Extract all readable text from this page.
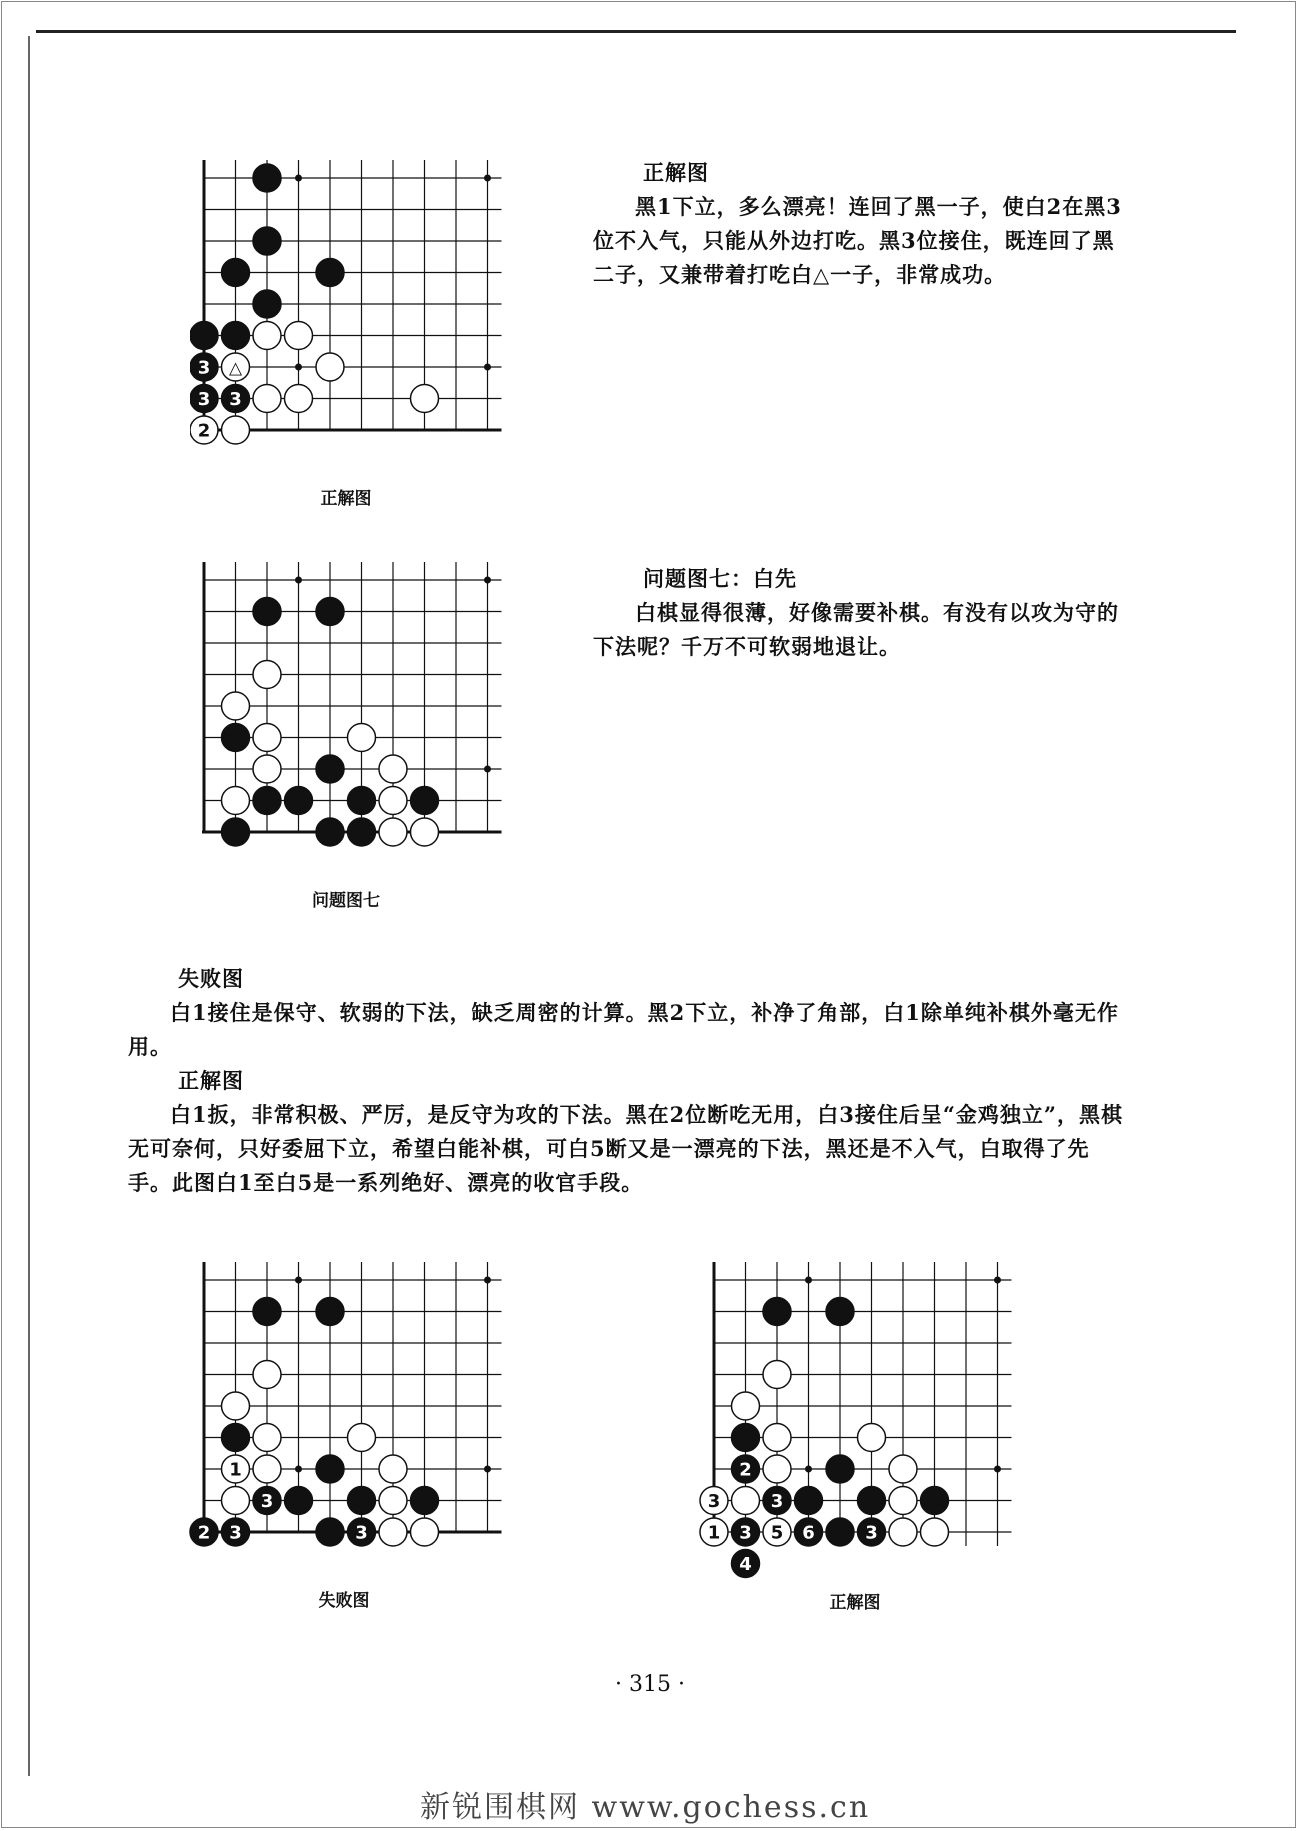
3 △
3 3
2
正解图
正解图
黑1下立，多么漂亮！连回了黑一子，使白2在黑3位不入气，只能从外边打吃。黑3位接住，既连回了黑二子，又兼带着打吃白△一子，非常成功。
问题图七
问题图七：白先
白棋显得很薄，好像需要补棋。有没有以攻为守的下法呢？千万不可软弱地退让。
失败图
白1接住是保守、软弱的下法，缺乏周密的计算。黑2下立，补净了角部，白1除单纯补棋外毫无作用。
正解图
白1扳，非常积极、严厉，是反守为攻的下法。黑在2位断吃无用，白3接住后呈“金鸡独立”，黑棋无可奈何，只好委屈下立，希望白能补棋，可白5断又是一漂亮的下法，黑还是不入气，白取得了先手。此图白1至白5是一系列绝好、漂亮的收官手段。
1
3
2 3	3
失败图
2
3	3
1 3 5 6	3
4
正解图
· 315 ·
新锐围棋网 www.gochess.cn
